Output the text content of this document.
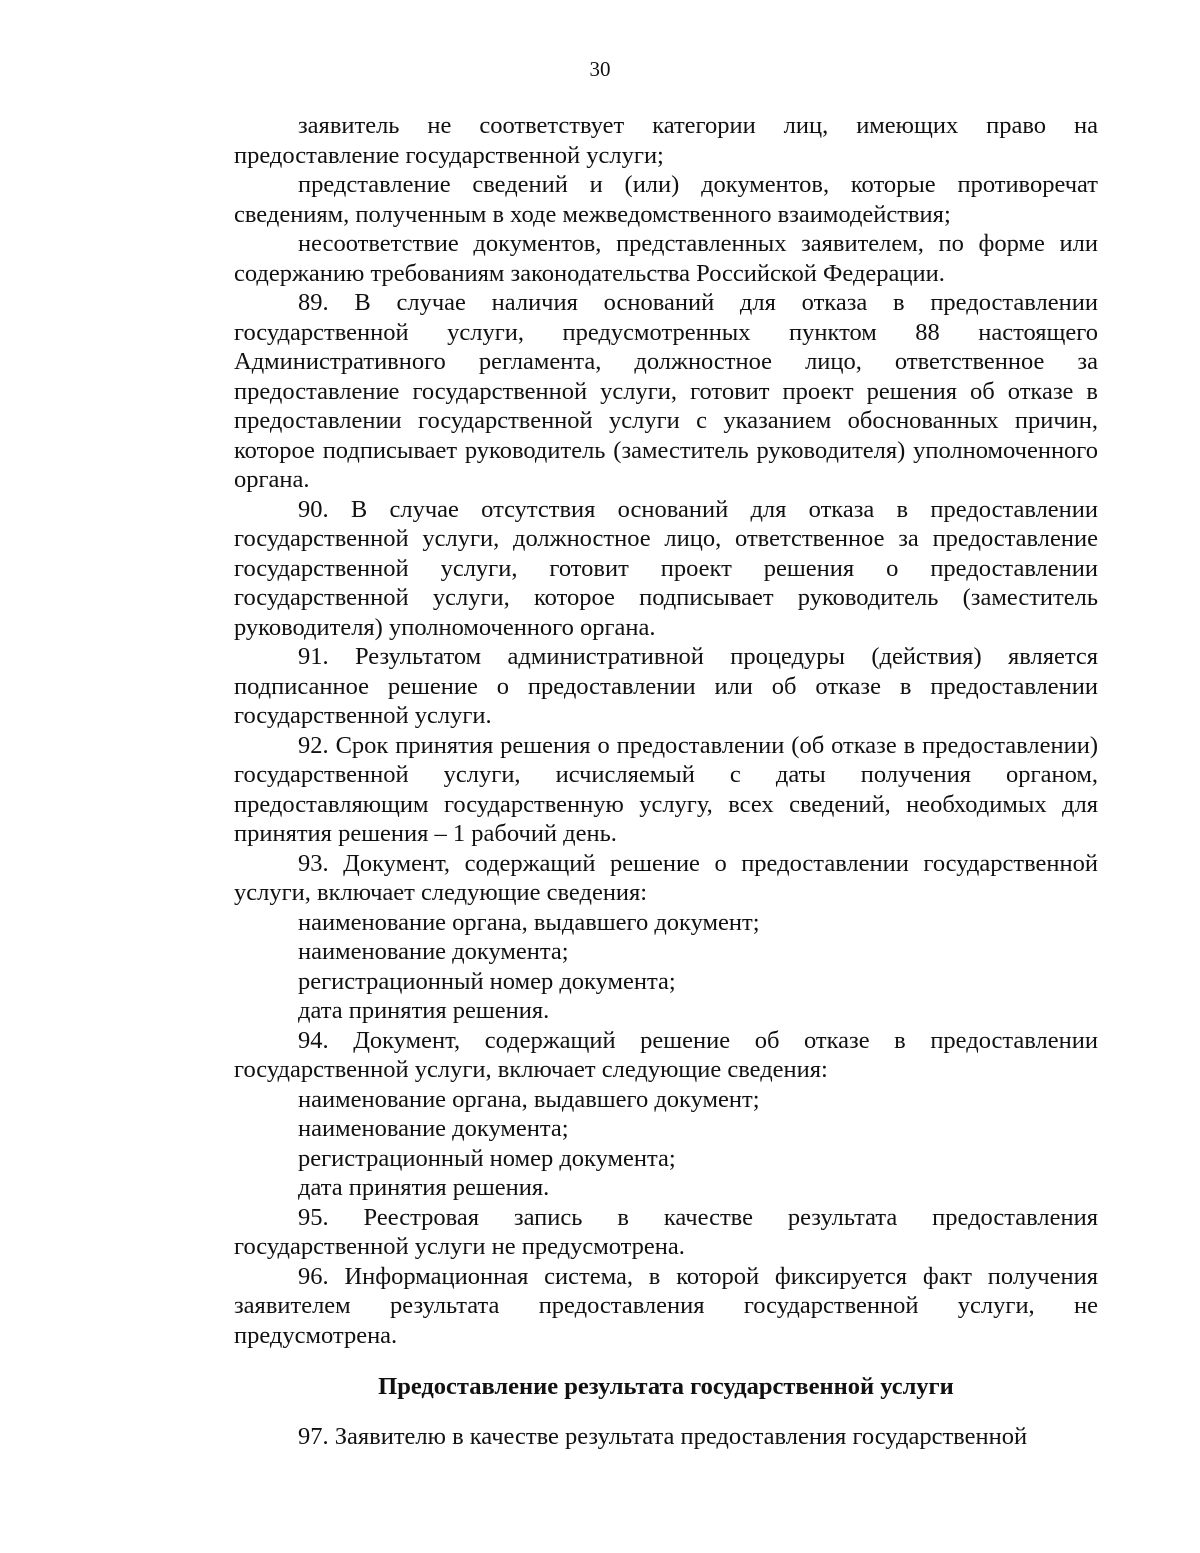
30

заявитель не соответствует категории лиц, имеющих право на предоставление государственной услуги;

представление сведений и (или) документов, которые противоречат сведениям, полученным в ходе межведомственного взаимодействия;

несоответствие документов, представленных заявителем, по форме или содержанию требованиям законодательства Российской Федерации.

89. В случае наличия оснований для отказа в предоставлении государственной услуги, предусмотренных пунктом 88 настоящего Административного регламента, должностное лицо, ответственное за предоставление государственной услуги, готовит проект решения об отказе в предоставлении государственной услуги с указанием обоснованных причин, которое подписывает руководитель (заместитель руководителя) уполномоченного органа.

90. В случае отсутствия оснований для отказа в предоставлении государственной услуги, должностное лицо, ответственное за предоставление государственной услуги, готовит проект решения о предоставлении государственной услуги, которое подписывает руководитель (заместитель руководителя) уполномоченного органа.

91. Результатом административной процедуры (действия) является подписанное решение о предоставлении или об отказе в предоставлении государственной услуги.

92. Срок принятия решения о предоставлении (об отказе в предоставлении) государственной услуги, исчисляемый с даты получения органом, предоставляющим государственную услугу, всех сведений, необходимых для принятия решения – 1 рабочий день.

93. Документ, содержащий решение о предоставлении государственной услуги, включает следующие сведения:

наименование органа, выдавшего документ;

наименование документа;

регистрационный номер документа;

дата принятия решения.

94. Документ, содержащий решение об отказе в предоставлении государственной услуги, включает следующие сведения:

наименование органа, выдавшего документ;

наименование документа;

регистрационный номер документа;

дата принятия решения.

95. Реестровая запись в качестве результата предоставления государственной услуги не предусмотрена.

96. Информационная система, в которой фиксируется факт получения заявителем результата предоставления государственной услуги, не предусмотрена.

Предоставление результата государственной услуги

97. Заявителю в качестве результата предоставления государственной
